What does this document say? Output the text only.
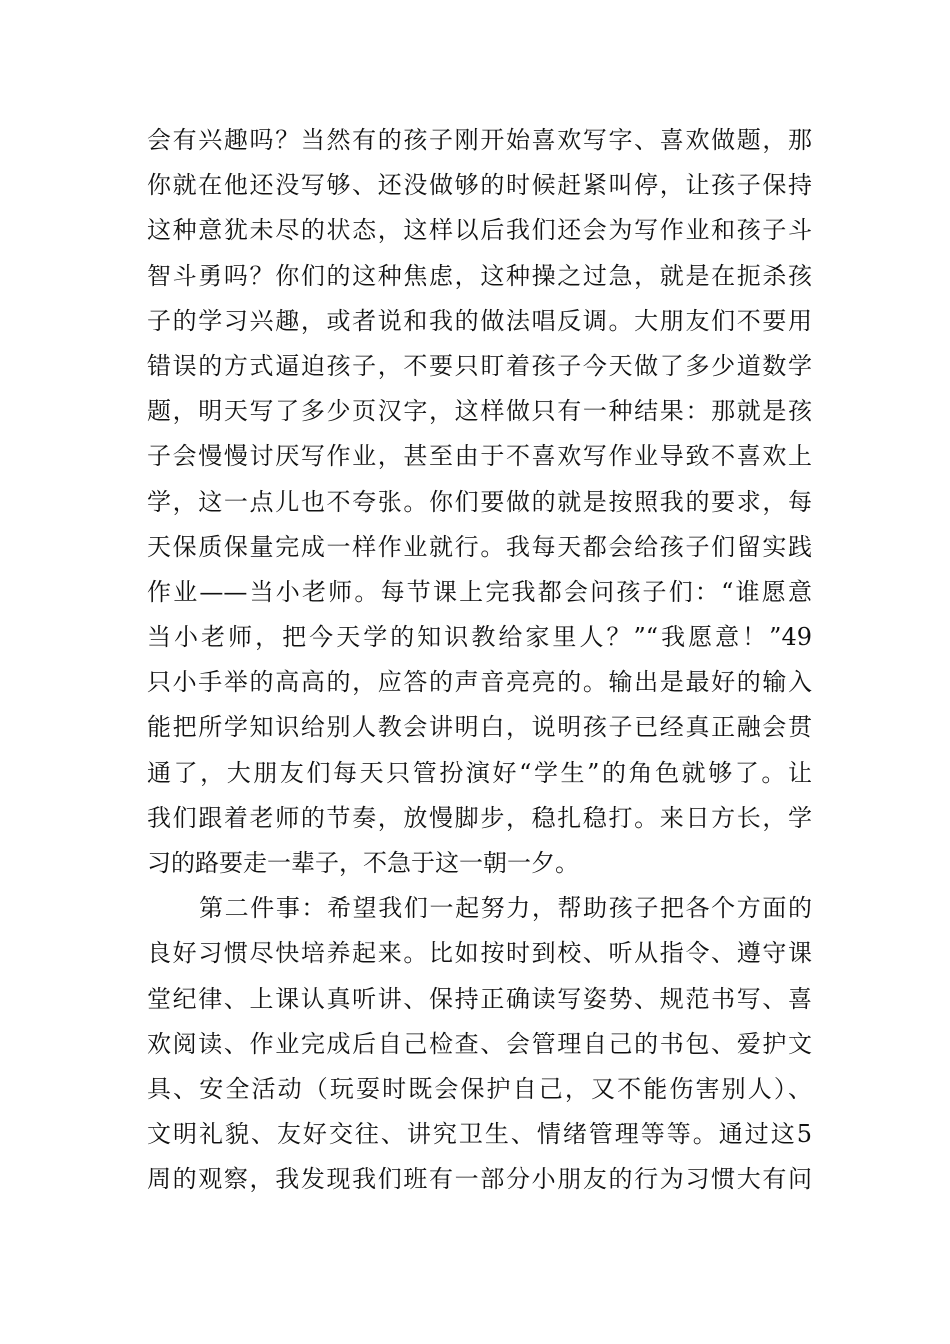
会有兴趣吗？当然有的孩子刚开始喜欢写字、喜欢做题，那
你就在他还没写够、还没做够的时候赶紧叫停，让孩子保持
这种意犹未尽的状态，这样以后我们还会为写作业和孩子斗
智斗勇吗？你们的这种焦虑，这种操之过急，就是在扼杀孩
子的学习兴趣，或者说和我的做法唱反调。大朋友们不要用
错误的方式逼迫孩子，不要只盯着孩子今天做了多少道数学
题，明天写了多少页汉字，这样做只有一种结果：那就是孩
子会慢慢讨厌写作业，甚至由于不喜欢写作业导致不喜欢上
学，这一点儿也不夸张。你们要做的就是按照我的要求，每
天保质保量完成一样作业就行。我每天都会给孩子们留实践
作业——当小老师。每节课上完我都会问孩子们：“谁愿意
当小老师，把今天学的知识教给家里人？”“我愿意！”49
只小手举的高高的，应答的声音亮亮的。输出是最好的输入
能把所学知识给别人教会讲明白，说明孩子已经真正融会贯
通了，大朋友们每天只管扮演好“学生”的角色就够了。让
我们跟着老师的节奏，放慢脚步，稳扎稳打。来日方长，学
习的路要走一辈子，不急于这一朝一夕。
第二件事：希望我们一起努力，帮助孩子把各个方面的
良好习惯尽快培养起来。比如按时到校、听从指令、遵守课
堂纪律、上课认真听讲、保持正确读写姿势、规范书写、喜
欢阅读、作业完成后自己检查、会管理自己的书包、爱护文
具、安全活动（玩耍时既会保护自己，又不能伤害别人）、
文明礼貌、友好交往、讲究卫生、情绪管理等等。通过这5
周的观察，我发现我们班有一部分小朋友的行为习惯大有问
